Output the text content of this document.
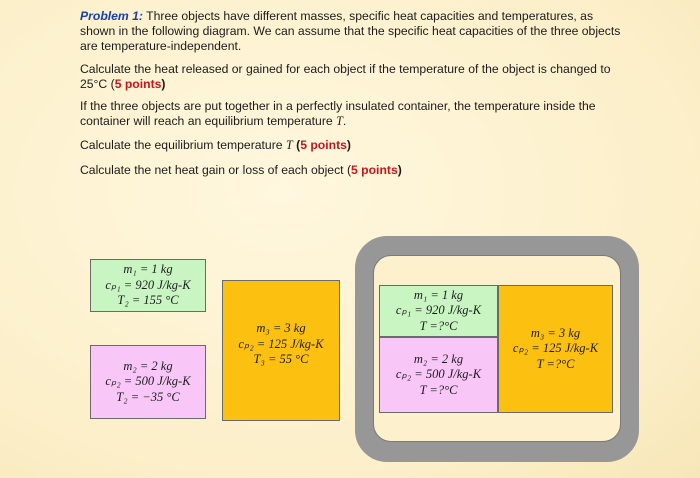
Problem 1: Three objects have different masses, specific heat capacities and temperatures, as shown in the following diagram. We can assume that the specific heat capacities of the three objects are temperature-independent.
Calculate the heat released or gained for each object if the temperature of the object is changed to 25°C (5 points)
If the three objects are put together in a perfectly insulated container, the temperature inside the container will reach an equilibrium temperature T.
Calculate the equilibrium temperature T (5 points)
Calculate the net heat gain or loss of each object (5 points)
m₁ = 1 kg
cₚ₁ = 920 J/kg-K
T₂ = 155 °C
m₂ = 2 kg
cₚ₂ = 500 J/kg-K
T₂ = −35 °C
m₃ = 3 kg
cₚ₂ = 125 J/kg-K
T₃ = 55 °C
m₁ = 1 kg
cₚ₁ = 920 J/kg-K
T =?°C
m₂ = 2 kg
cₚ₂ = 500 J/kg-K
T =?°C
m₃ = 3 kg
cₚ₂ = 125 J/kg-K
T =?°C
